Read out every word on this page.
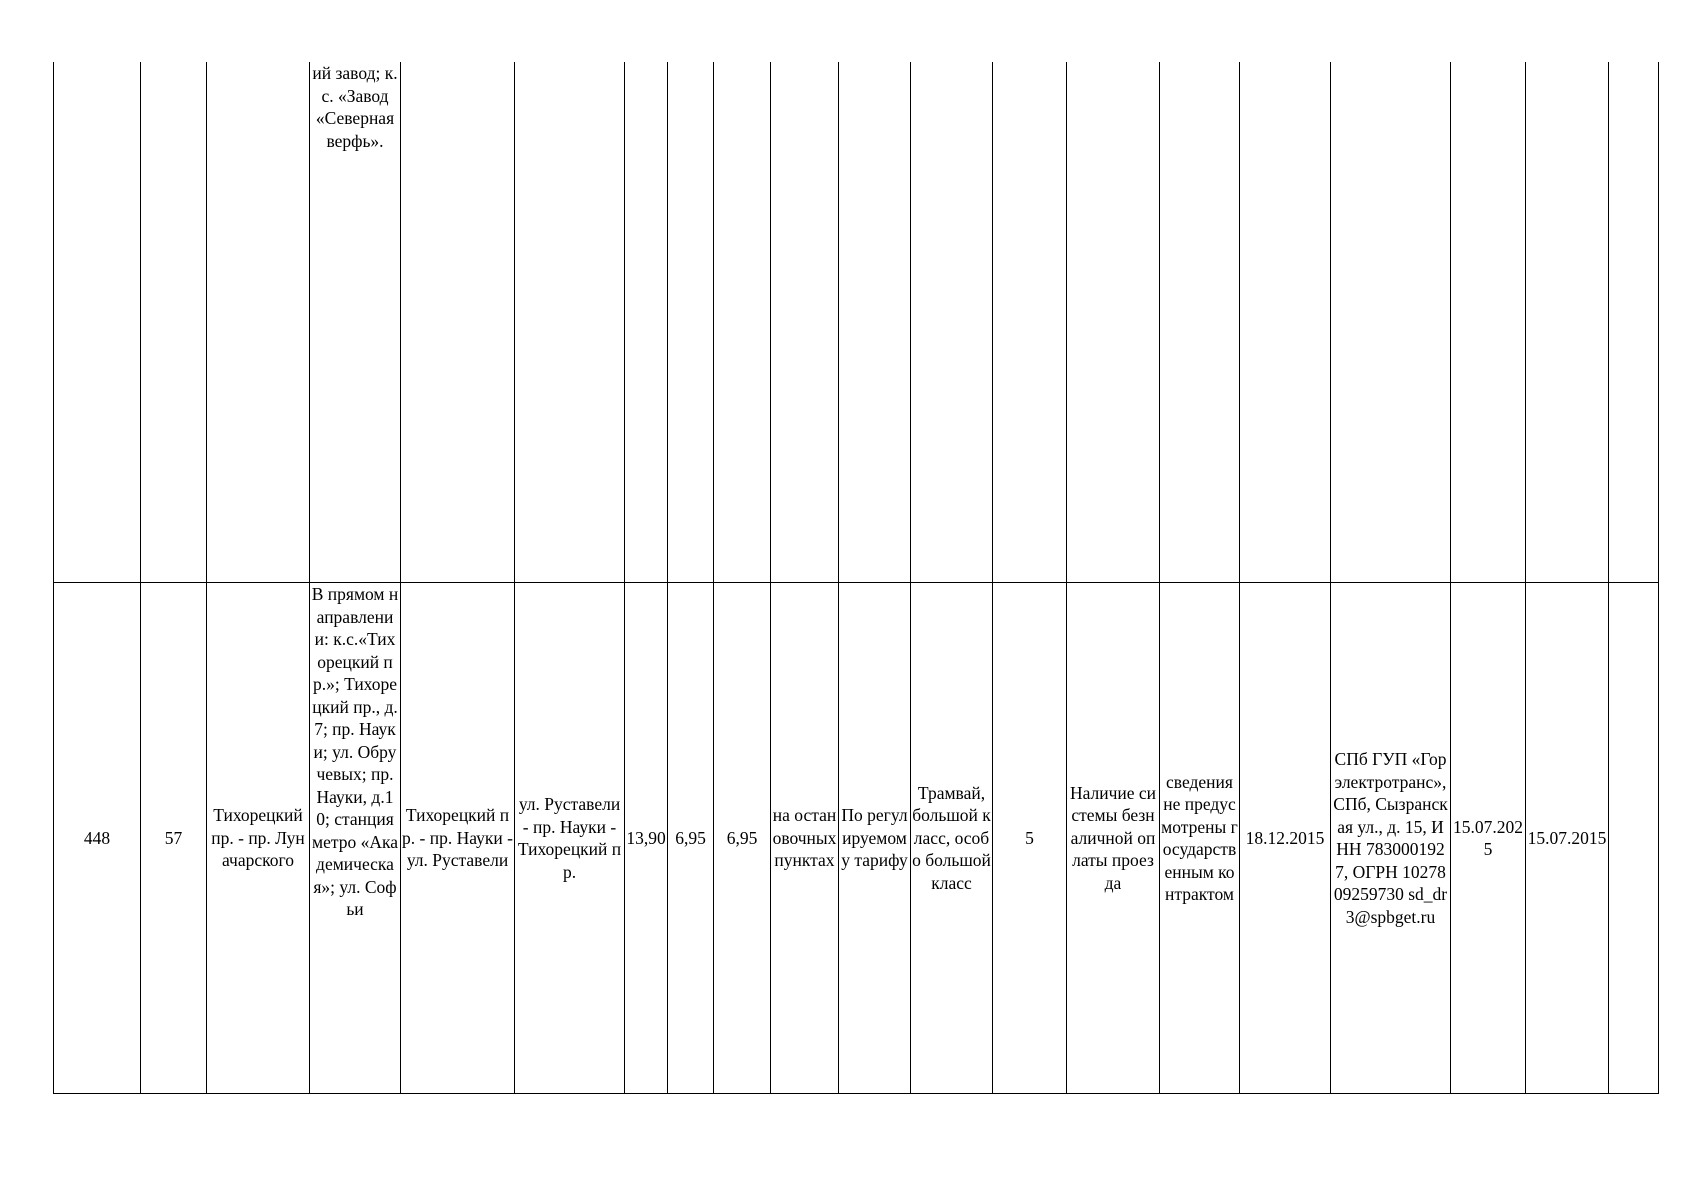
			ий завод; к.с. «Завод «Северная верфь».																

448	57	Тихорецкий пр. - пр. Луначарского	В прямом направлении: к.с.«Тихорецкий пр.»; Тихорецкий пр., д.7; пр. Науки; ул. Обручевых; пр. Науки, д.10; станция метро «Академическая»; ул. Софьи	Тихорецкий пр. - пр. Науки - ул. Руставели	ул. Руставели - пр. Науки - Тихорецкий пр.	13,90	6,95	6,95	на остановочных пунктах	По регулируемому тарифу	Трамвай, большой класс, особо большой класс	5	Наличие системы безналичной оплаты проезда	сведения не предусмотрены государственным контрактом	18.12.2015	СПб ГУП «Горэлектротранс», СПб, Сызранская ул., д. 15, ИНН 7830001927, ОГРН 1027809259730 sd_dr3@spbget.ru	15.07.2025	15.07.2015	
